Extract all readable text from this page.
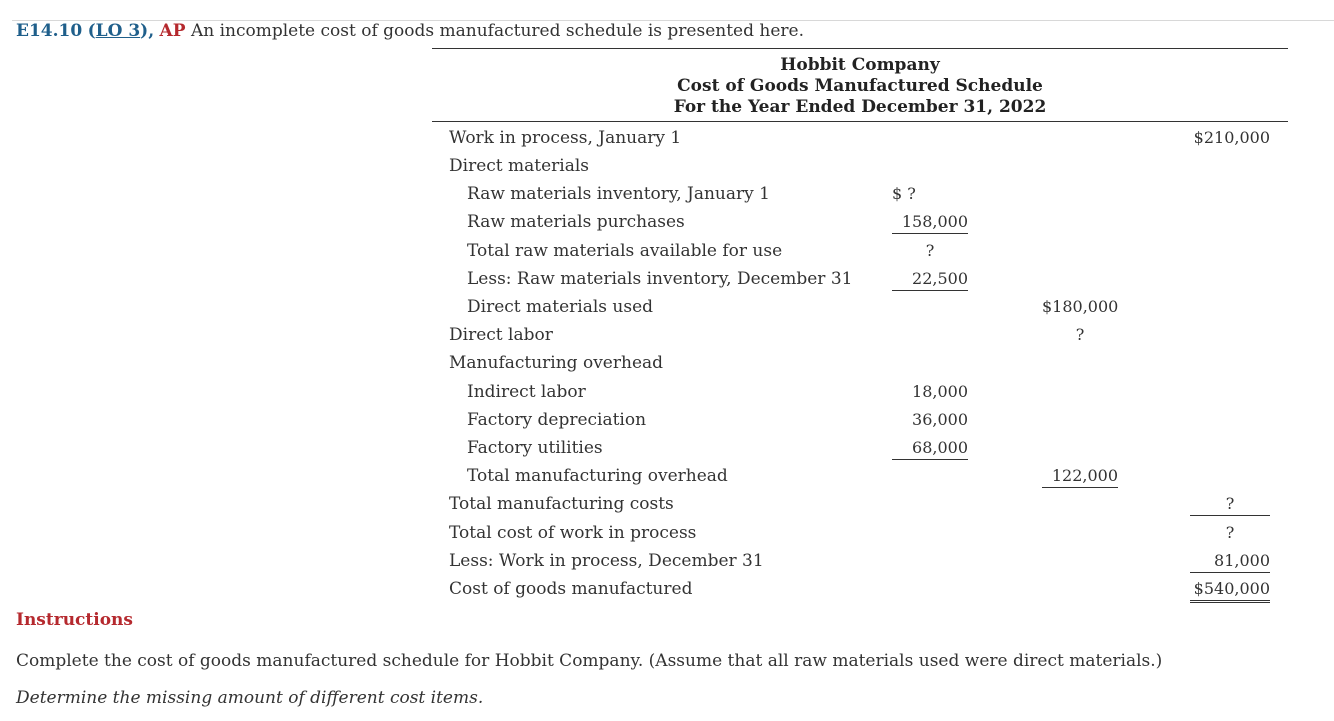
E14.10 (LO 3), AP An incomplete cost of goods manufactured schedule is presented here.
Hobbit Company
Cost of Goods Manufactured Schedule
For the Year Ended December 31, 2022
Work in process, January 1	$210,000
Direct materials
Raw materials inventory, January 1	$ ?
Raw materials purchases	158,000
Total raw materials available for use	?
Less: Raw materials inventory, December 31	22,500
Direct materials used	$180,000
Direct labor	?
Manufacturing overhead
Indirect labor	18,000
Factory depreciation	36,000
Factory utilities	68,000
Total manufacturing overhead	122,000
Total manufacturing costs	?
Total cost of work in process	?
Less: Work in process, December 31	81,000
Cost of goods manufactured	$540,000
Instructions
Complete the cost of goods manufactured schedule for Hobbit Company. (Assume that all raw materials used were direct materials.)
Determine the missing amount of different cost items.
